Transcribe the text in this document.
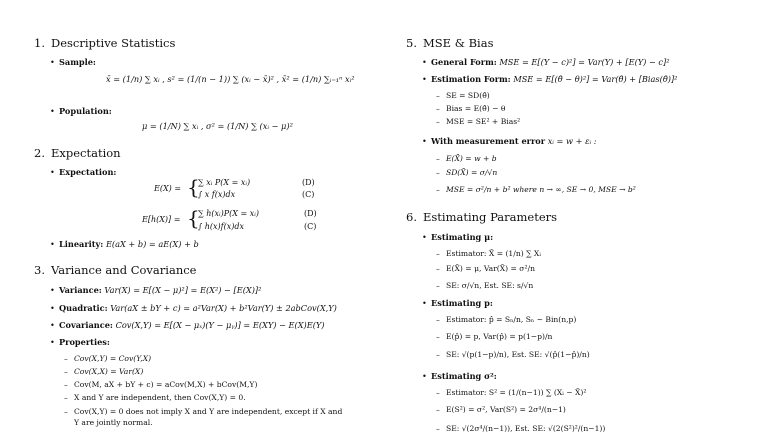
1. Descriptive Statistics
• Sample:
x̄ = (1/n) ∑ xᵢ , s² = (1/(n − 1)) ∑ (xᵢ − x̄)² , x̄² = (1/n) ∑ᵢ₌₁ⁿ xᵢ²
• Population:
μ = (1/N) ∑ xᵢ , σ² = (1/N) ∑ (xᵢ − μ)²
2. Expectation
• Expectation:
E(X) = {
∑ xᵢ P(X = xᵢ)	(D)
∫ x f(x)dx	(C)
E[h(X)] = {
∑ h(xᵢ)P(X = xᵢ)	(D)
∫ h(x)f(x)dx	(C)
• Linearity: E(aX + b) = aE(X) + b
3. Variance and Covariance
• Variance: Var(X) = E[(X − μ)²] = E(X²) − [E(X)]²
• Quadratic: Var(aX ± bY + c) = a²Var(X) + b²Var(Y) ± 2abCov(X,Y)
• Covariance: Cov(X,Y) = E[(X − μₓ)(Y − μᵧ)] = E(XY) − E(X)E(Y)
• Properties:
– Cov(X,Y) = Cov(Y,X)
– Cov(X,X) = Var(X)
– Cov(M, aX + bY + c) = aCov(M,X) + bCov(M,Y)
– X and Y are independent, then Cov(X,Y) = 0.
– Cov(X,Y) = 0 does not imply X and Y are independent, except if X and
Y are jointly normal.
5. MSE & Bias
• General Form: MSE = E[(Y − c)²] = Var(Y) + [E(Y) − c]²
• Estimation Form: MSE = E[(θ̂ − θ)²] = Var(θ̂) + [Bias(θ̂)]²
– SE = SD(θ̂)
– Bias = E(θ̂) − θ
– MSE = SE² + Bias²
• With measurement error xᵢ = w + εᵢ :
– E(X̄) = w + b
– SD(X̄) = σ/√n
– MSE = σ²/n + b² where n → ∞, SE → 0, MSE → b²
6. Estimating Parameters
• Estimating μ:
– Estimator: X̄ = (1/n) ∑ Xᵢ
– E(X̄) = μ, Var(X̄) = σ²/n
– SE: σ/√n, Est. SE: s/√n
• Estimating p:
– Estimator: p̂ = Sₙ/n, Sₙ ~ Bin(n,p)
– E(p̂) = p, Var(p̂) = p(1−p)/n
– SE: √(p(1−p)/n), Est. SE: √(p̂(1−p̂)/n)
• Estimating σ²:
– Estimator: S² = (1/(n−1)) ∑ (Xᵢ − X̄)²
– E(S²) = σ², Var(S²) = 2σ⁴/(n−1)
– SE: √(2σ⁴/(n−1)), Est. SE: √(2(S²)²/(n−1))
